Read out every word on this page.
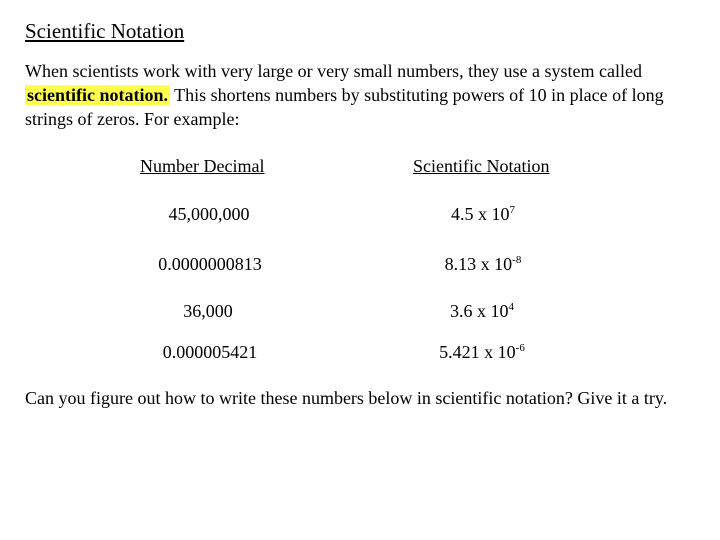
Scientific Notation
When scientists work with very large or very small numbers, they use a system called scientific notation. This shortens numbers by substituting powers of 10 in place of long strings of zeros. For example:
Number Decimal	Scientific Notation
45,000,000	4.5 x $10^7$
0.0000000813	8.13 x $10^{-8}$
36,000	3.6 x $10^4$
0.000005421	5.421 x $10^{-6}$
Can you figure out how to write these numbers below in scientific notation? Give it a try.
